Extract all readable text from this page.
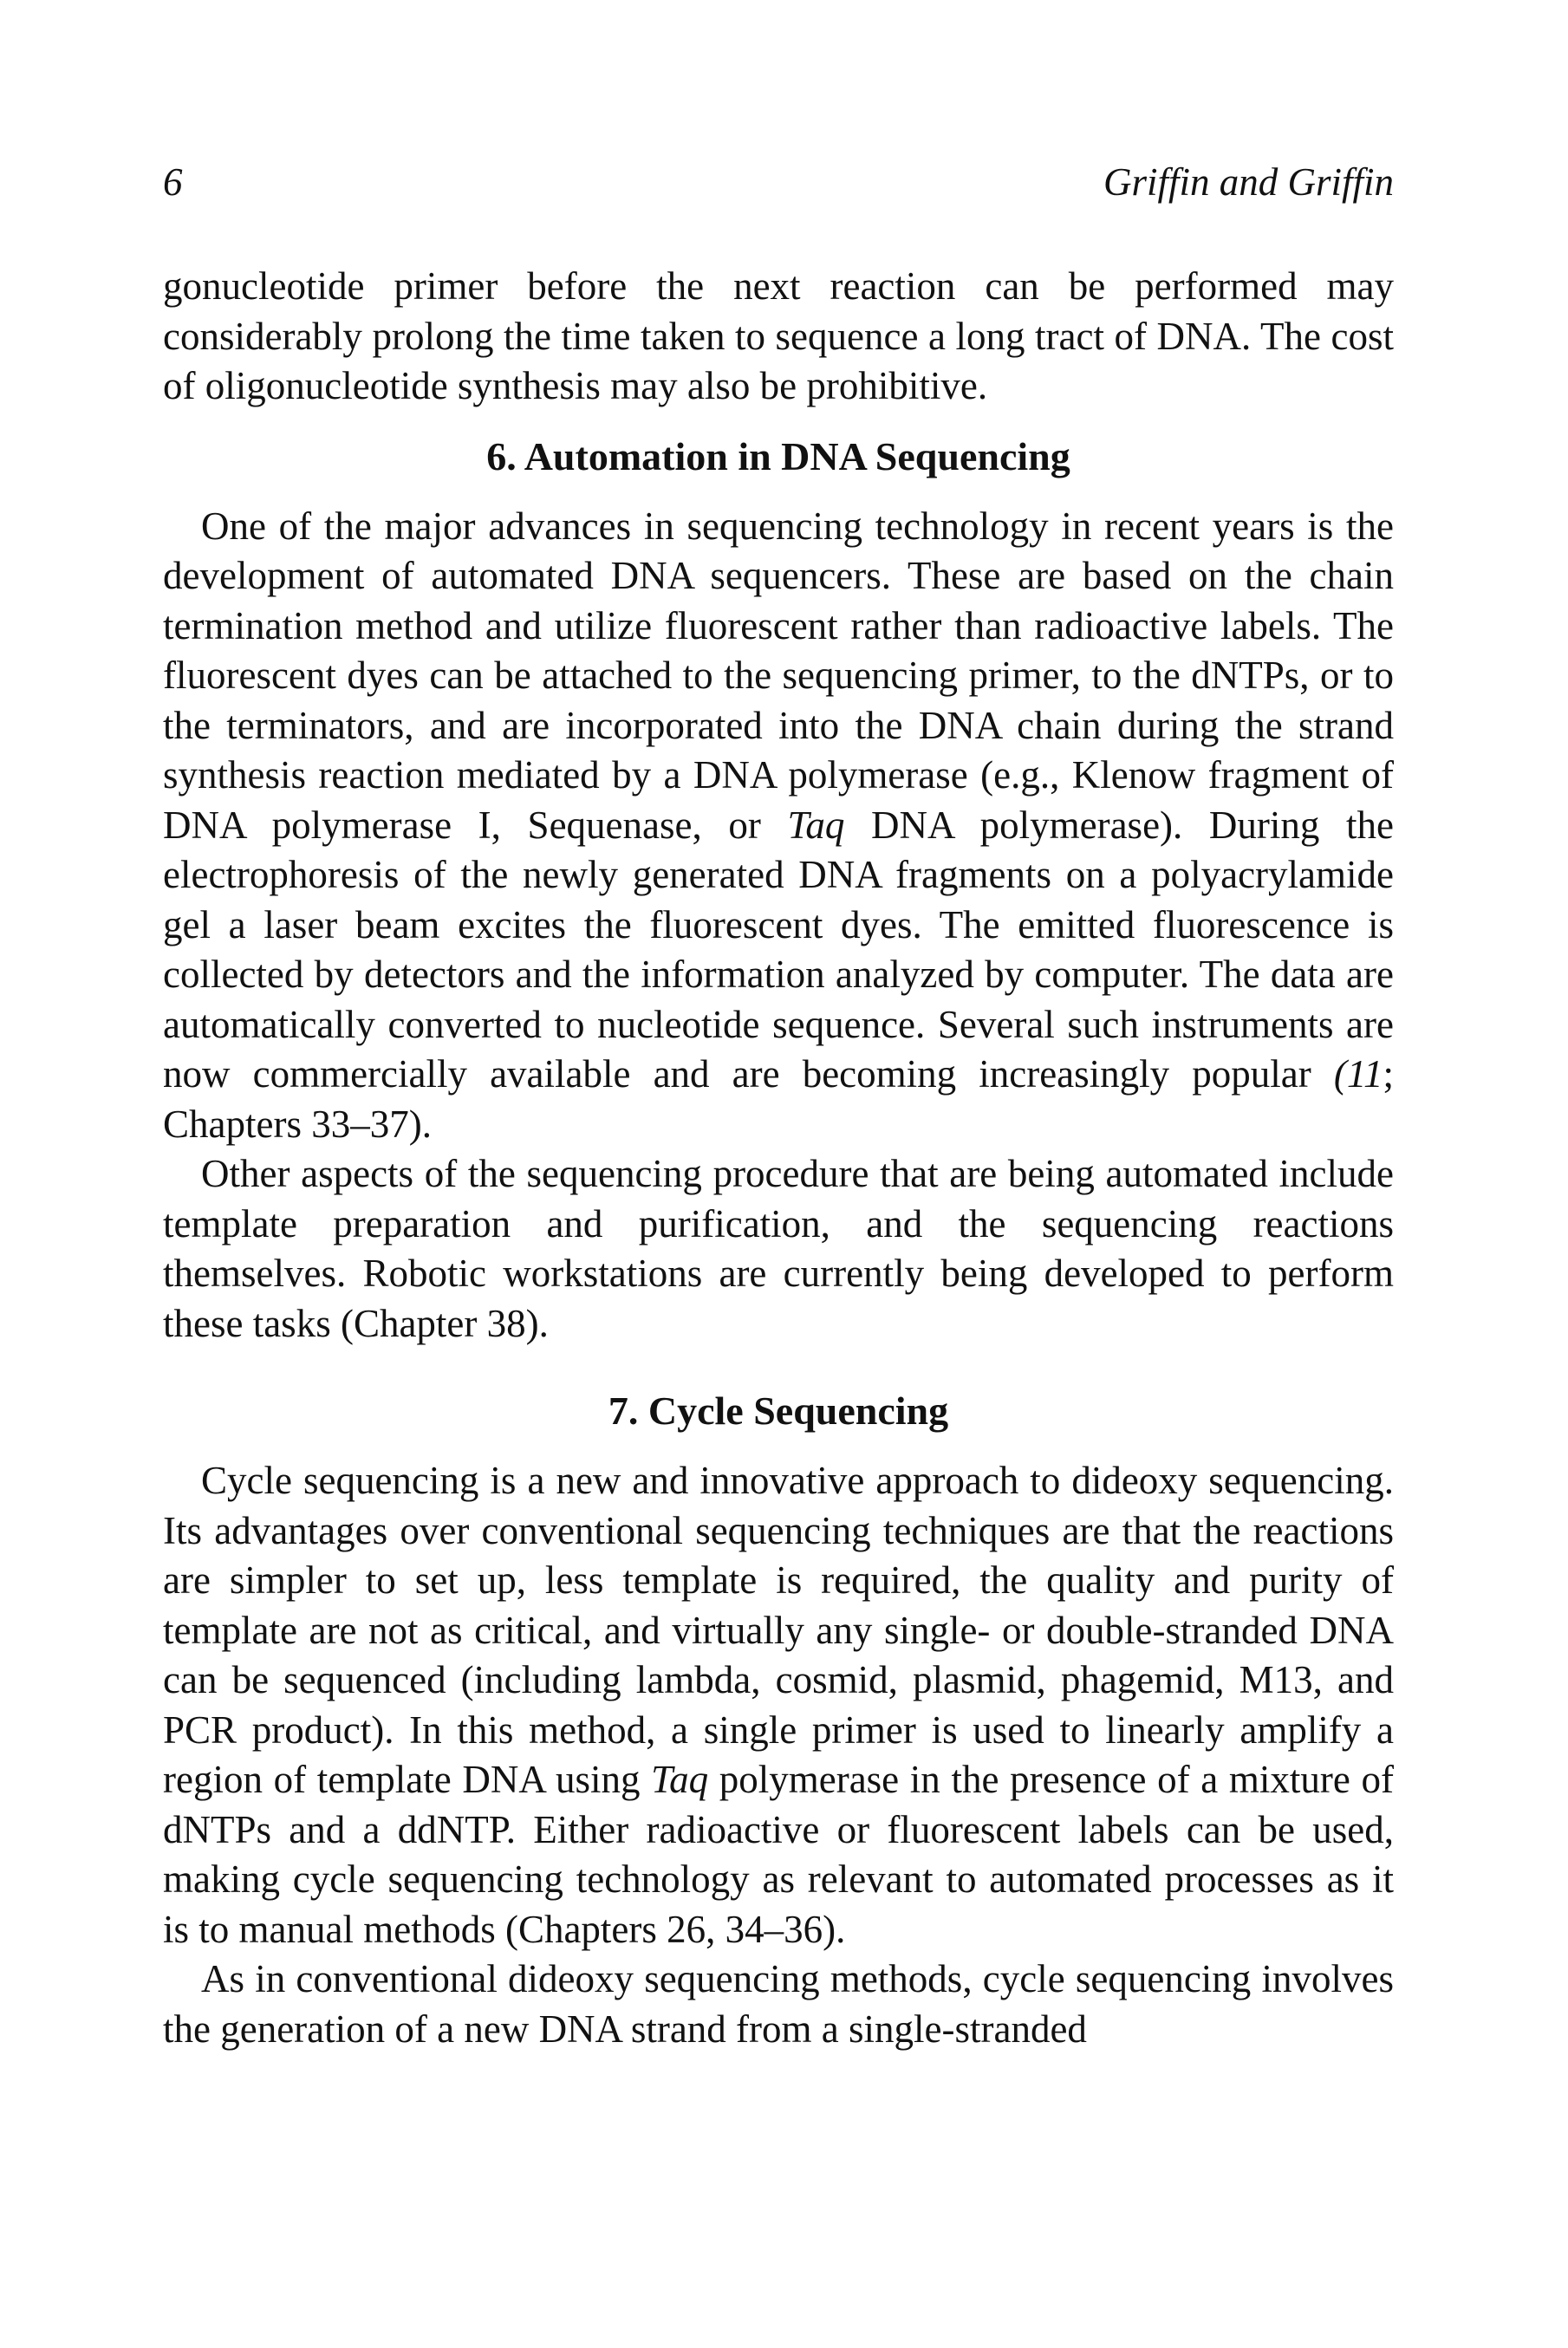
6	Griffin and Griffin

gonucleotide primer before the next reaction can be performed may considerably prolong the time taken to sequence a long tract of DNA. The cost of oligonucleotide synthesis may also be prohibitive.

6. Automation in DNA Sequencing

One of the major advances in sequencing technology in recent years is the development of automated DNA sequencers. These are based on the chain termination method and utilize fluorescent rather than radioactive labels. The fluorescent dyes can be attached to the sequencing primer, to the dNTPs, or to the terminators, and are incorporated into the DNA chain during the strand synthesis reaction mediated by a DNA polymerase (e.g., Klenow fragment of DNA polymerase I, Sequenase, or Taq DNA polymerase). During the electrophoresis of the newly generated DNA fragments on a polyacrylamide gel a laser beam excites the fluorescent dyes. The emitted fluorescence is collected by detectors and the information analyzed by computer. The data are automatically converted to nucleotide sequence. Several such instruments are now commercially available and are becoming increasingly popular (11; Chapters 33–37).

Other aspects of the sequencing procedure that are being automated include template preparation and purification, and the sequencing reactions themselves. Robotic workstations are currently being developed to perform these tasks (Chapter 38).

7. Cycle Sequencing

Cycle sequencing is a new and innovative approach to dideoxy sequencing. Its advantages over conventional sequencing techniques are that the reactions are simpler to set up, less template is required, the quality and purity of template are not as critical, and virtually any single- or double-stranded DNA can be sequenced (including lambda, cosmid, plasmid, phagemid, M13, and PCR product). In this method, a single primer is used to linearly amplify a region of template DNA using Taq polymerase in the presence of a mixture of dNTPs and a ddNTP. Either radioactive or fluorescent labels can be used, making cycle sequencing technology as relevant to automated processes as it is to manual methods (Chapters 26, 34–36).

As in conventional dideoxy sequencing methods, cycle sequencing involves the generation of a new DNA strand from a single-stranded
